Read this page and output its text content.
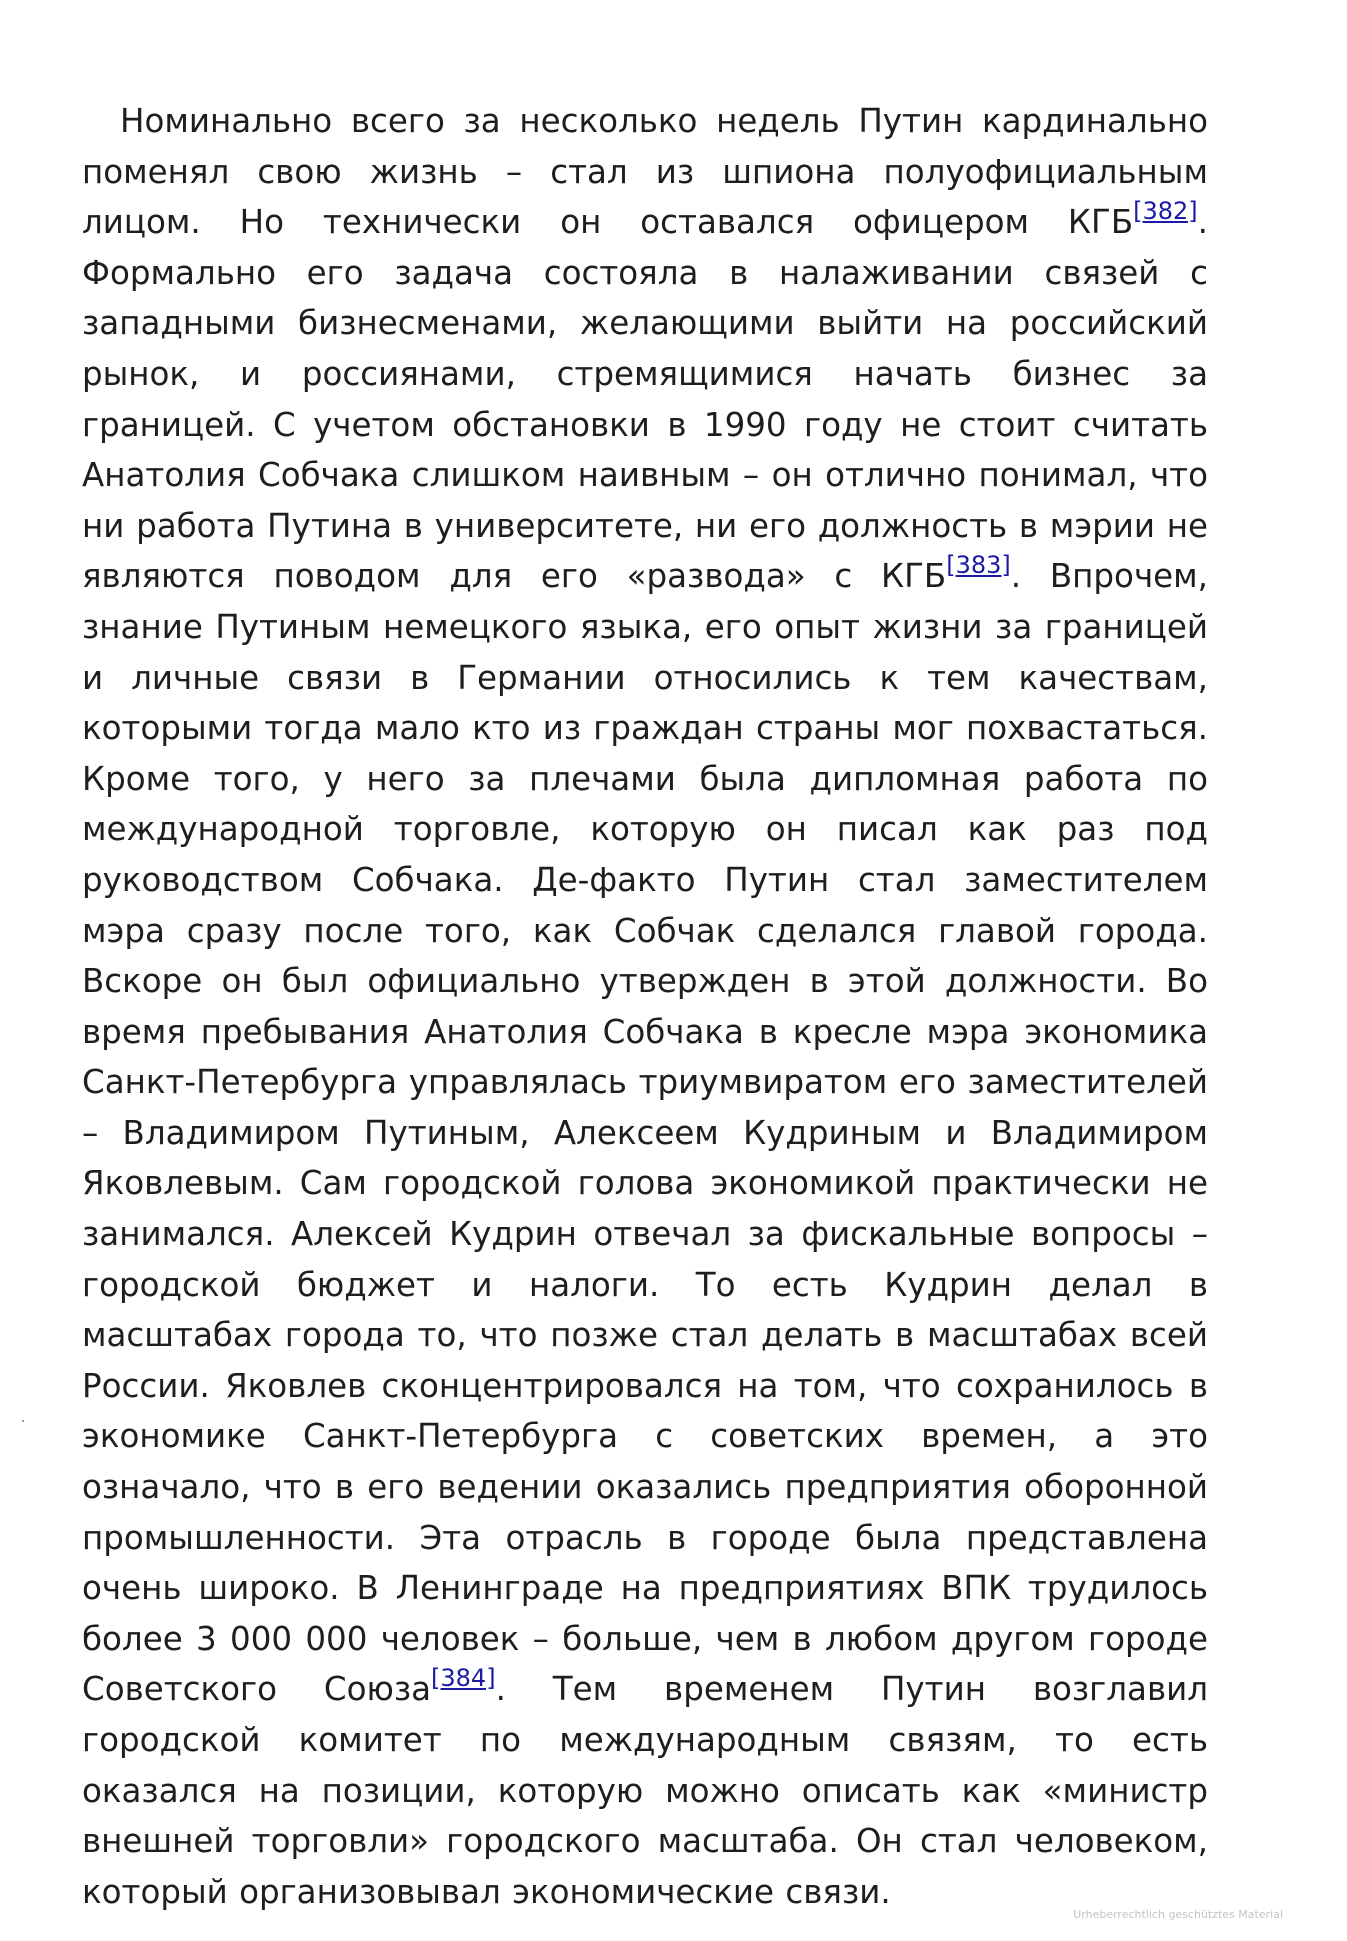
Номинально всего за несколько недель Путин кардинально поменял свою жизнь – стал из шпиона полуофициальным лицом. Но технически он оставался офицером КГБ[382]. Формально его задача состояла в налаживании связей с западными бизнесменами, желающими выйти на российский рынок, и россиянами, стремящимися начать бизнес за границей. С учетом обстановки в 1990 году не стоит считать Анатолия Собчака слишком наивным – он отлично понимал, что ни работа Путина в университете, ни его должность в мэрии не являются поводом для его «развода» с КГБ[383]. Впрочем, знание Путиным немецкого языка, его опыт жизни за границей и личные связи в Германии относились к тем качествам, которыми тогда мало кто из граждан страны мог похвастаться. Кроме того, у него за плечами была дипломная работа по международной торговле, которую он писал как раз под руководством Собчака. Де-факто Путин стал заместителем мэра сразу после того, как Собчак сделался главой города. Вскоре он был официально утвержден в этой должности. Во время пребывания Анатолия Собчака в кресле мэра экономика Санкт-Петербурга управлялась триумвиратом его заместителей – Владимиром Путиным, Алексеем Кудриным и Владимиром Яковлевым. Сам городской голова экономикой практически не занимался. Алексей Кудрин отвечал за фискальные вопросы – городской бюджет и налоги. То есть Кудрин делал в масштабах города то, что позже стал делать в масштабах всей России. Яковлев сконцентрировался на том, что сохранилось в экономике Санкт-Петербурга с советских времен, а это означало, что в его ведении оказались предприятия оборонной промышленности. Эта отрасль в городе была представлена очень широко. В Ленинграде на предприятиях ВПК трудилось более 3 000 000 человек – больше, чем в любом другом городе Советского Союза[384]. Тем временем Путин возглавил городской комитет по международным связям, то есть оказался на позиции, которую можно описать как «министр внешней торговли» городского масштаба. Он стал человеком, который организовывал экономические связи.

Urheberrechtlich geschütztes Material
